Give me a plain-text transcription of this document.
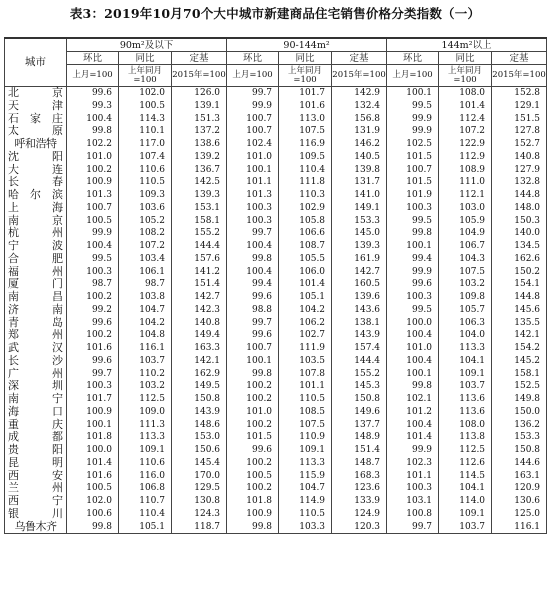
表3：2019年10月70个大中城市新建商品住宅销售价格分类指数（一）
城市	90m²及以下			90-144m²			144m²以上		
	环比	同比	定基	环比	同比	定基	环比	同比	定基
	上月=100	上年同月=100	2015年=100	上月=100	上年同月=100	2015年=100	上月=100	上年同月=100	2015年=100

北 京	99.6	102.0	126.0	99.7	101.7	142.9	100.1	108.0	152.8

天 津	99.3	100.5	139.1	99.9	101.6	132.4	99.5	101.4	129.1

石 家 庄	100.4	114.3	151.3	100.7	113.0	156.8	99.9	112.4	151.5

太 原	99.8	110.1	137.2	100.7	107.5	131.9	99.9	107.2	127.8

呼和浩特	102.2	117.0	138.6	102.4	116.9	146.2	102.5	122.9	152.7

沈 阳	101.0	107.4	139.2	101.0	109.5	140.5	101.5	112.9	140.8

大 连	100.2	110.6	136.7	100.1	110.4	139.8	100.7	108.9	127.9

长 春	100.9	110.5	142.5	101.1	111.8	131.7	101.5	111.0	132.8

哈 尔 滨	101.3	109.3	139.3	101.3	110.3	141.0	101.9	112.1	144.8

上 海	100.7	103.6	153.1	100.3	102.9	149.1	100.3	103.0	148.0

南 京	100.5	105.2	158.1	100.3	105.8	153.3	99.5	105.9	150.3

杭 州	99.9	108.2	155.2	99.7	106.6	145.0	99.8	104.9	140.0

宁 波	100.4	107.2	144.4	100.4	108.7	139.3	100.1	106.7	134.5

合 肥	99.5	103.4	157.6	99.8	105.5	161.9	99.4	104.3	162.6

福 州	100.3	106.1	141.2	100.4	106.0	142.7	99.9	107.5	150.2

厦 门	98.7	98.7	151.4	99.4	101.4	160.5	99.6	103.2	154.1

南 昌	100.2	103.8	142.7	99.6	105.1	139.6	100.3	109.8	144.8

济 南	99.2	104.7	142.3	98.8	104.2	143.6	99.5	105.7	145.6

青 岛	99.6	104.2	140.8	99.7	106.2	138.1	100.0	106.3	135.5

郑 州	100.2	104.8	149.4	99.6	102.7	143.9	100.4	104.0	142.1

武 汉	101.6	116.1	163.3	100.7	111.9	157.4	101.0	113.3	154.2

长 沙	99.6	103.7	142.1	100.1	103.5	144.4	100.4	104.1	145.2

广 州	99.7	110.2	162.9	99.8	107.8	155.2	100.1	109.1	158.1

深 圳	100.3	103.2	149.5	100.2	101.1	145.3	99.8	103.7	152.5

南 宁	101.7	112.5	150.8	100.2	110.5	150.8	102.1	113.6	149.8

海 口	100.9	109.0	143.9	101.0	108.5	149.6	101.2	113.6	150.0

重 庆	100.1	111.3	148.6	100.2	107.5	137.7	100.4	108.0	136.2

成 都	101.8	113.3	153.0	101.5	110.9	148.9	101.4	113.8	153.3

贵 阳	100.0	109.1	150.6	99.6	109.1	151.4	99.9	112.5	150.8

昆 明	101.4	110.6	145.4	100.2	113.3	148.7	102.3	112.6	144.6

西 安	101.6	116.0	170.0	100.5	115.9	168.3	101.1	114.5	163.1

兰 州	100.5	106.8	129.5	100.2	104.7	123.6	100.3	104.1	120.9

西 宁	102.0	110.7	130.8	101.8	114.9	133.9	103.1	114.0	130.6

银 川	100.6	110.4	124.3	100.9	110.5	124.9	100.8	109.1	125.0

乌鲁木齐	99.8	105.1	118.7	99.8	103.3	120.3	99.7	103.7	116.1
